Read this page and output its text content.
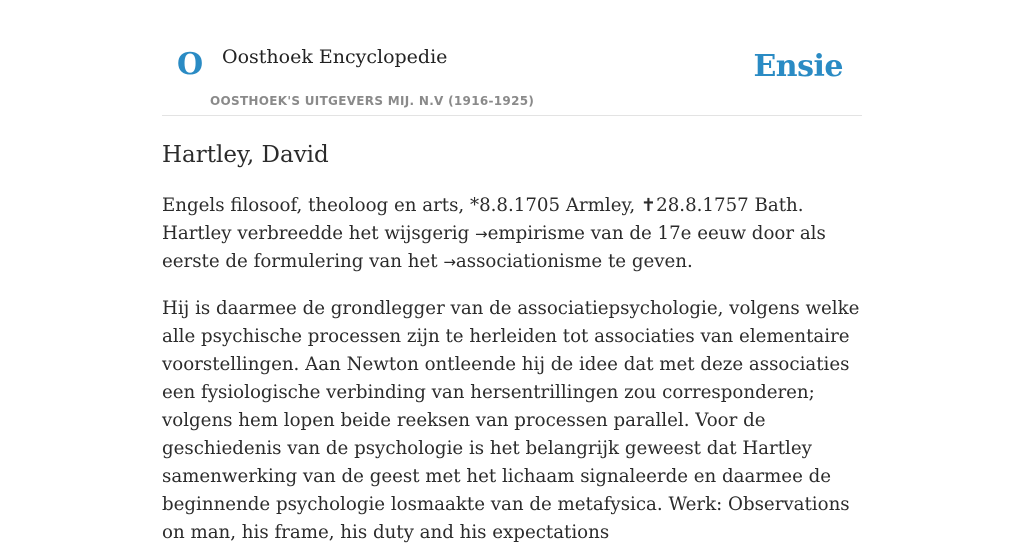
O Oosthoek Encyclopedie
OOSTHOEK'S UITGEVERS MIJ. N.V (1916-1925)
Ensie
Hartley, David

Engels filosoof, theoloog en arts, *8.8.1705 Armley, ✝28.8.1757 Bath. Hartley verbreedde het wijsgerig →empirisme van de 17e eeuw door als eerste de formulering van het →associationisme te geven.

Hij is daarmee de grondlegger van de associatiepsychologie, volgens welke alle psychische processen zijn te herleiden tot associaties van elementaire voorstellingen. Aan Newton ontleende hij de idee dat met deze associaties een fysiologische verbinding van hersentrillingen zou corresponderen; volgens hem lopen beide reeksen van processen parallel. Voor de geschiedenis van de psychologie is het belangrijk geweest dat Hartley samenwerking van de geest met het lichaam signaleerde en daarmee de beginnende psychologie losmaakte van de metafysica. Werk: Observations on man, his frame, his duty and his expectations
